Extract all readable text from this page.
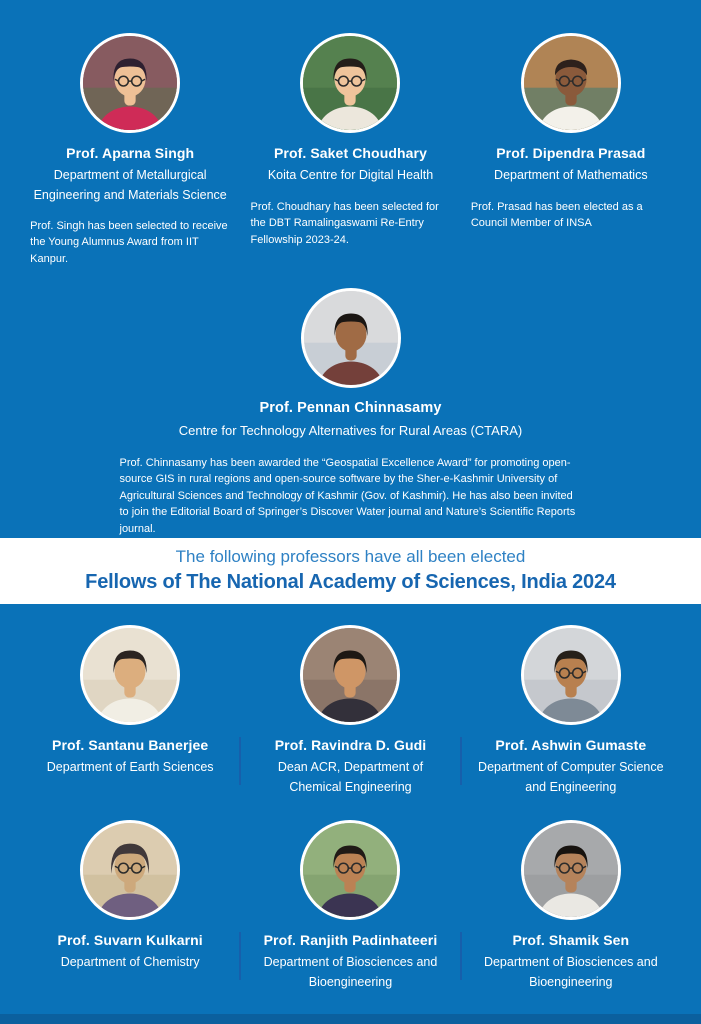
Prof. Aparna Singh
Department of Metallurgical Engineering and Materials Science
Prof. Singh has been selected to receive the Young Alumnus Award from IIT Kanpur.
Prof. Saket Choudhary
Koita Centre for Digital Health
Prof. Choudhary has been selected for the DBT Ramalingaswami Re-Entry Fellowship 2023-24.
Prof. Dipendra Prasad
Department of Mathematics
Prof. Prasad has been elected as a Council Member of INSA
Prof. Pennan Chinnasamy
Centre for Technology Alternatives for Rural Areas (CTARA)
Prof. Chinnasamy has been awarded the “Geospatial Excellence Award” for promoting open-source GIS in rural regions and open-source software by the Sher-e-Kashmir University of Agricultural Sciences and Technology of Kashmir (Gov. of Kashmir). He has also been invited to join the Editorial Board of Springer’s Discover Water journal and Nature’s Scientific Reports journal.
The following professors have all been elected
Fellows of The National Academy of Sciences, India 2024
Prof. Santanu Banerjee
Department of Earth Sciences
Prof. Ravindra D. Gudi
Dean ACR, Department of Chemical Engineering
Prof. Ashwin Gumaste
Department of Computer Science and Engineering
Prof. Suvarn Kulkarni
Department of Chemistry
Prof. Ranjith Padinhateeri
Department of Biosciences and Bioengineering
Prof. Shamik Sen
Department of Biosciences and Bioengineering
